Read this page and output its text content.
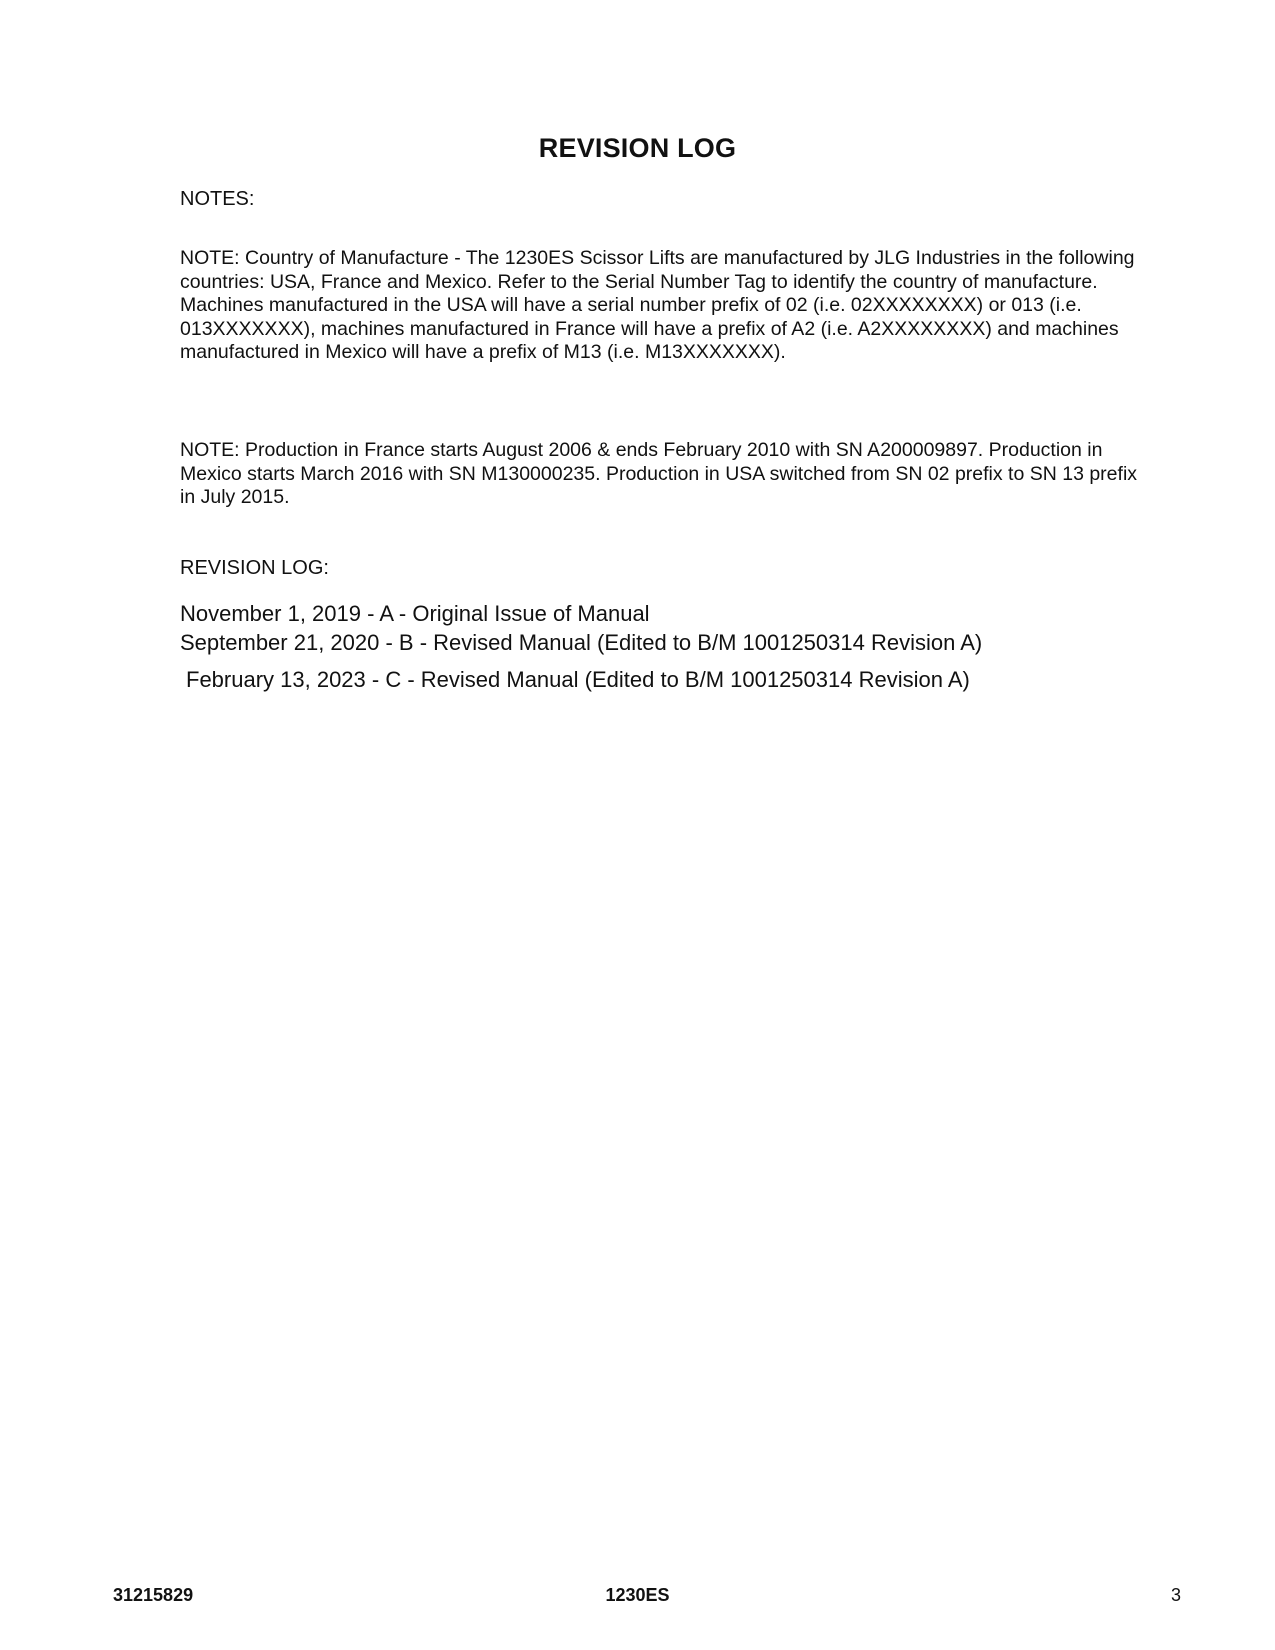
REVISION LOG
NOTES:
NOTE: Country of Manufacture - The 1230ES Scissor Lifts are manufactured by JLG Industries in the following countries: USA, France and Mexico. Refer to the Serial Number Tag to identify the country of manufacture. Machines manufactured in the USA will have a serial number prefix of 02 (i.e. 02XXXXXXXX) or 013 (i.e. 013XXXXXXX), machines manufactured in France will have a prefix of A2 (i.e. A2XXXXXXXX) and machines manufactured in Mexico will have a prefix of M13 (i.e. M13XXXXXXX).
NOTE: Production in France starts August 2006 & ends February 2010 with SN A200009897. Production in Mexico starts March 2016 with SN M130000235. Production in USA switched from SN 02 prefix to SN 13 prefix in July 2015.
REVISION LOG:
November 1, 2019 - A - Original Issue of Manual
September 21, 2020 - B - Revised Manual (Edited to B/M 1001250314 Revision A)
February 13, 2023 - C - Revised Manual (Edited to B/M 1001250314 Revision A)
31215829	1230ES	3
